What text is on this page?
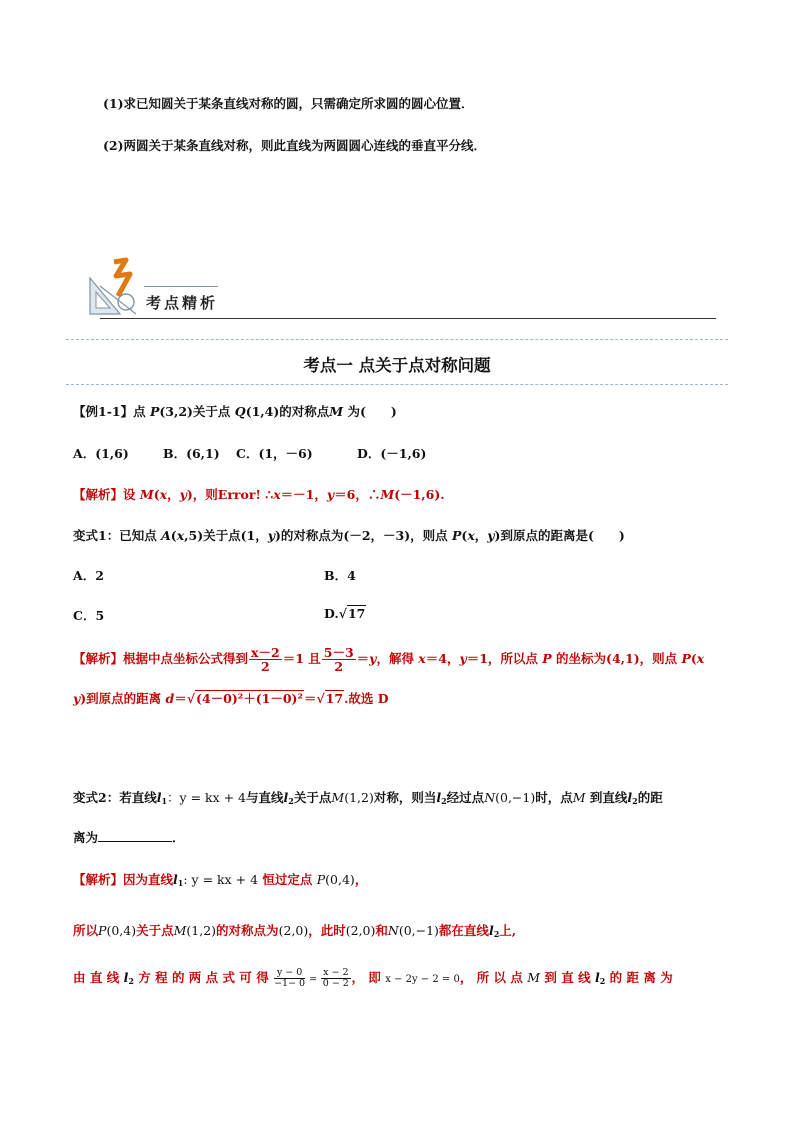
(1)求已知圆关于某条直线对称的圆，只需确定所求圆的圆心位置．
(2)两圆关于某条直线对称，则此直线为两圆圆心连线的垂直平分线．
考点精析
考点一 点关于点对称问题
【例1-1】点 P(3,2)关于点 Q(1,4)的对称点M 为(　　)
A．(1,6)	B．(6,1) C．(1，－6)	D．(－1,6)
【解析】设 M(x，y)，则Error! ∴x＝－1，y＝6，∴M(－1,6).
变式1：已知点 A(x,5)关于点(1，y)的对称点为(－2，－3)，则点 P(x，y)到原点的距离是(　　)
A．2	B．4
C．5	D.√17
【解析】根据中点坐标公式得到 $\frac{x-2}{2} =1$ 且 $\frac{5-3}{2} =y$，解得 x＝4，y＝1，所以点 P 的坐标为(4,1)，则点 P(x
y)到原点的距离 d＝√(4－0)²＋(1－0)²＝√17.故选 D
变式2：若直线$l_1$：y = kx + 4与直线$l_2$关于点M(1,2)对称，则当$l_2$经过点N(0,−1)时，点M 到直线$l_2$的距
离为	．
【解析】因为直线$l_1$: y = kx + 4 恒过定点 P(0,4)，
所以P(0,4)关于点M(1,2)的对称点为(2,0)，此时(2,0)和N(0,−1)都在直线$l_2$上,
由 直 线 $l_2$ 方 程 的 两 点 式 可 得 $\frac{y - 0}{-1- 0} = \frac{x - 2}{0 - 2}$ ， 即 x − 2y − 2 = 0， 所 以 点 M 到 直 线 $l_2$ 的 距 离 为
